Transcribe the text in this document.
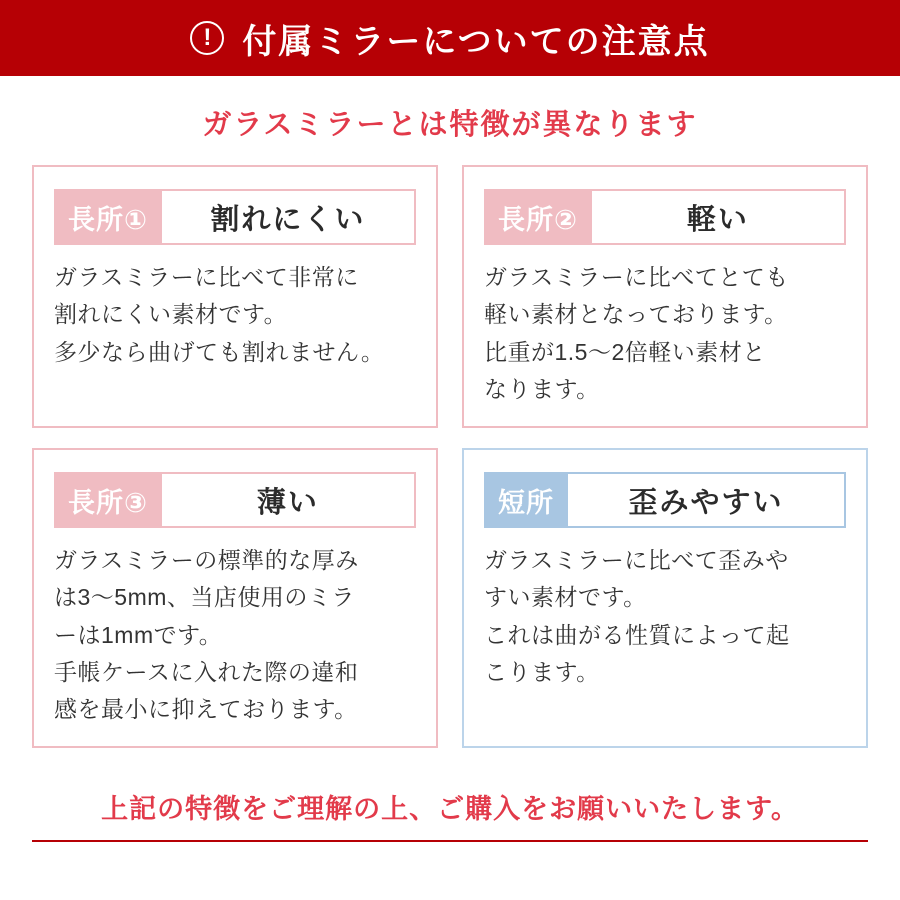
! 付属ミラーについての注意点
ガラスミラーとは特徴が異なります
長所①	割れにくい

ガラスミラーに比べて非常に

割れにくい素材です。

多少なら曲げても割れません。

長所②	軽い

ガラスミラーに比べてとても

軽い素材となっております。

比重が1.5〜2倍軽い素材と

なります。

長所③	薄い

ガラスミラーの標準的な厚み

は3〜5mm、当店使用のミラ

ーは1mmです。

手帳ケースに入れた際の違和

感を最小に抑えております。

短所	歪みやすい

ガラスミラーに比べて歪みや

すい素材です。

これは曲がる性質によって起

こります。

上記の特徴をご理解の上、ご購入をお願いいたします。
